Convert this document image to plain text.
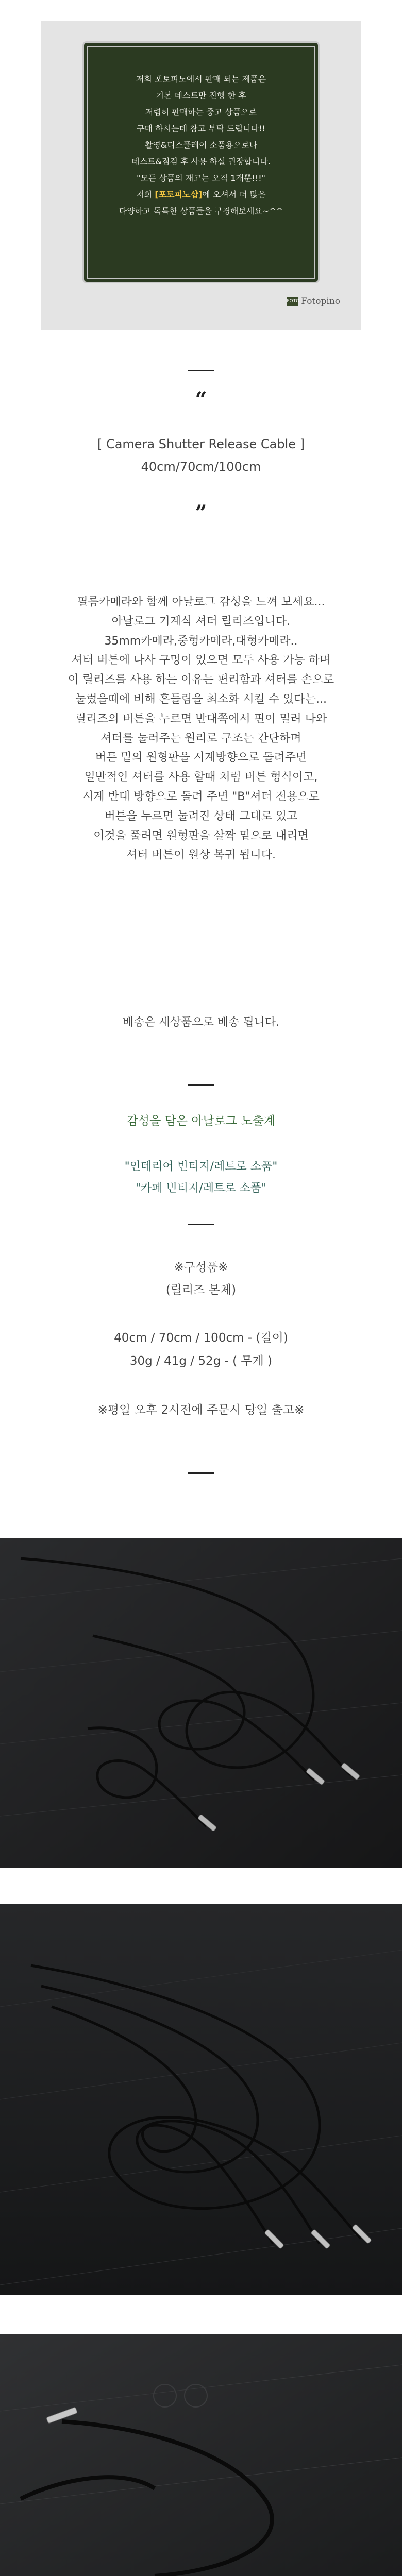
저희 포토피노에서 판매 되는 제품은
기본 테스트만 진행 한 후
저렴히 판매하는 중고 상품으로
구매 하시는데 참고 부탁 드립니다!!
촬영&디스플레이 소품용으로나
테스트&점검 후 사용 하실 권장합니다.
"모든 상품의 재고는 오직 1개뿐!!!"
저희 [포토피노샵]에 오셔서 더 많은
다양하고 독특한 상품들을 구경해보세요~^^
FOTO Fotopino
“
[ Camera Shutter Release Cable ]
40cm/70cm/100cm
”
필름카메라와 함께 아날로그 감성을 느껴 보세요...
아날로그 기계식 셔터 릴리즈입니다.
35mm카메라,중형카메라,대형카메라..
셔터 버튼에 나사 구멍이 있으면 모두 사용 가능 하며
이 릴리즈를 사용 하는 이유는 편리함과 셔터를 손으로
눌렀을때에 비해 흔들림을 최소화 시킬 수 있다는...
릴리즈의 버튼을 누르면 반대쪽에서 핀이 밀려 나와
셔터를 눌러주는 원리로 구조는 간단하며
버튼 밑의 원형판을 시계방향으로 돌려주면
일반적인 셔터를 사용 할때 처럼 버튼 형식이고,
시계 반대 방향으로 돌려 주면 "B"셔터 전용으로
버튼을 누르면 눌려진 상태 그대로 있고
이것을 풀려면 원형판을 살짝 밑으로 내리면
셔터 버튼이 원상 복귀 됩니다.
배송은 새상품으로 배송 됩니다.
감성을 담은 아날로그 노출계
"인테리어 빈티지/레트로 소품"
"카페 빈티지/레트로 소품"
※구성품※
(릴리즈 본체)
40cm / 70cm / 100cm - (길이)
30g / 41g / 52g - ( 무게 )
※평일 오후 2시전에 주문시 당일 출고※
